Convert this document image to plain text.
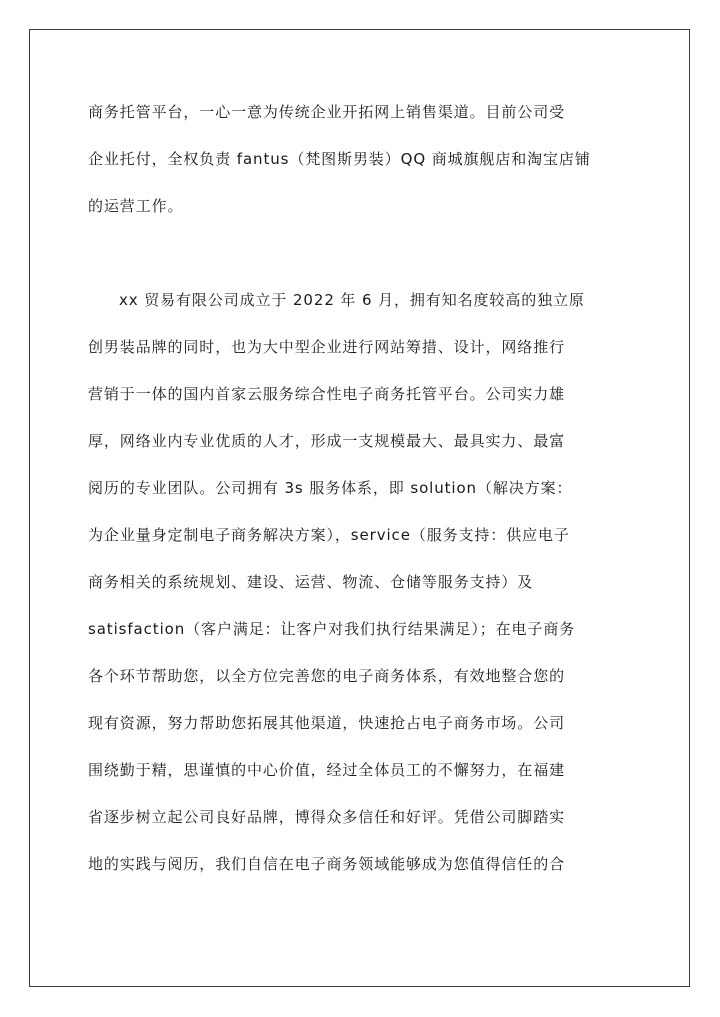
商务托管平台，一心一意为传统企业开拓网上销售渠道。目前公司受
企业托付，全权负责 fantus（梵图斯男装）QQ 商城旗舰店和淘宝店铺
的运营工作。
xx 贸易有限公司成立于 2022 年 6 月，拥有知名度较高的独立原
创男装品牌的同时，也为大中型企业进行网站筹措、设计，网络推行
营销于一体的国内首家云服务综合性电子商务托管平台。公司实力雄
厚，网络业内专业优质的人才，形成一支规模最大、最具实力、最富
阅历的专业团队。公司拥有 3s 服务体系，即 solution（解决方案：
为企业量身定制电子商务解决方案），service（服务支持：供应电子
商务相关的系统规划、建设、运营、物流、仓储等服务支持）及
satisfaction（客户满足：让客户对我们执行结果满足）；在电子商务
各个环节帮助您，以全方位完善您的电子商务体系，有效地整合您的
现有资源，努力帮助您拓展其他渠道，快速抢占电子商务市场。公司
围绕勤于精，思谨慎的中心价值，经过全体员工的不懈努力，在福建
省逐步树立起公司良好品牌，博得众多信任和好评。凭借公司脚踏实
地的实践与阅历，我们自信在电子商务领域能够成为您值得信任的合
